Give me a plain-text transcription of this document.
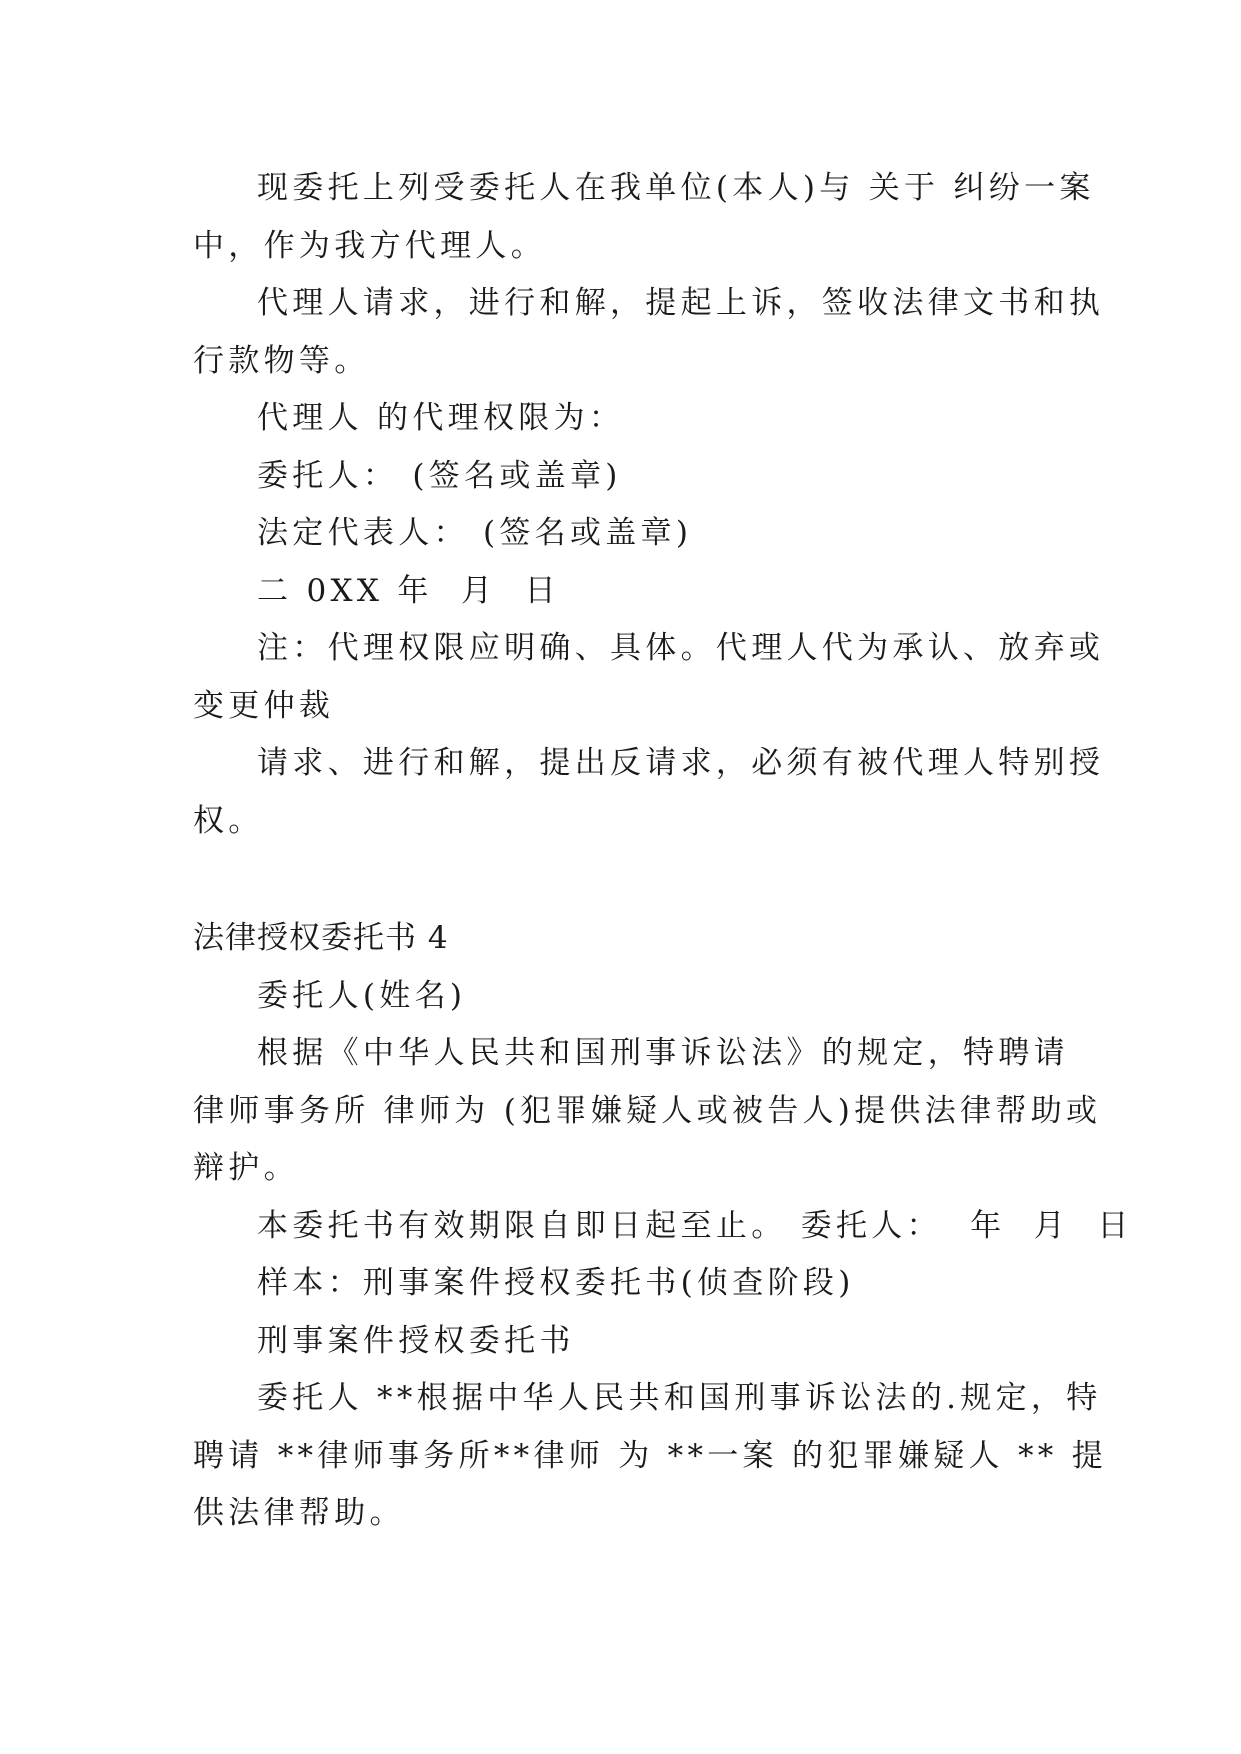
现委托上列受委托人在我单位(本人)与 关于 纠纷一案
中，作为我方代理人。
代理人请求，进行和解，提起上诉，签收法律文书和执
行款物等。
代理人 的代理权限为：
委托人： (签名或盖章)
法定代表人： (签名或盖章)
二 0XX 年  月  日
注：代理权限应明确、具体。代理人代为承认、放弃或
变更仲裁
请求、进行和解，提出反请求，必须有被代理人特别授
权。
法律授权委托书 4
委托人(姓名)
根据《中华人民共和国刑事诉讼法》的规定，特聘请
律师事务所 律师为 (犯罪嫌疑人或被告人)提供法律帮助或
辩护。
本委托书有效期限自即日起至止。 委托人：  年  月  日
样本：刑事案件授权委托书(侦查阶段)
刑事案件授权委托书
委托人 **根据中华人民共和国刑事诉讼法的.规定，特
聘请 **律师事务所**律师 为 **一案 的犯罪嫌疑人 ** 提
供法律帮助。
